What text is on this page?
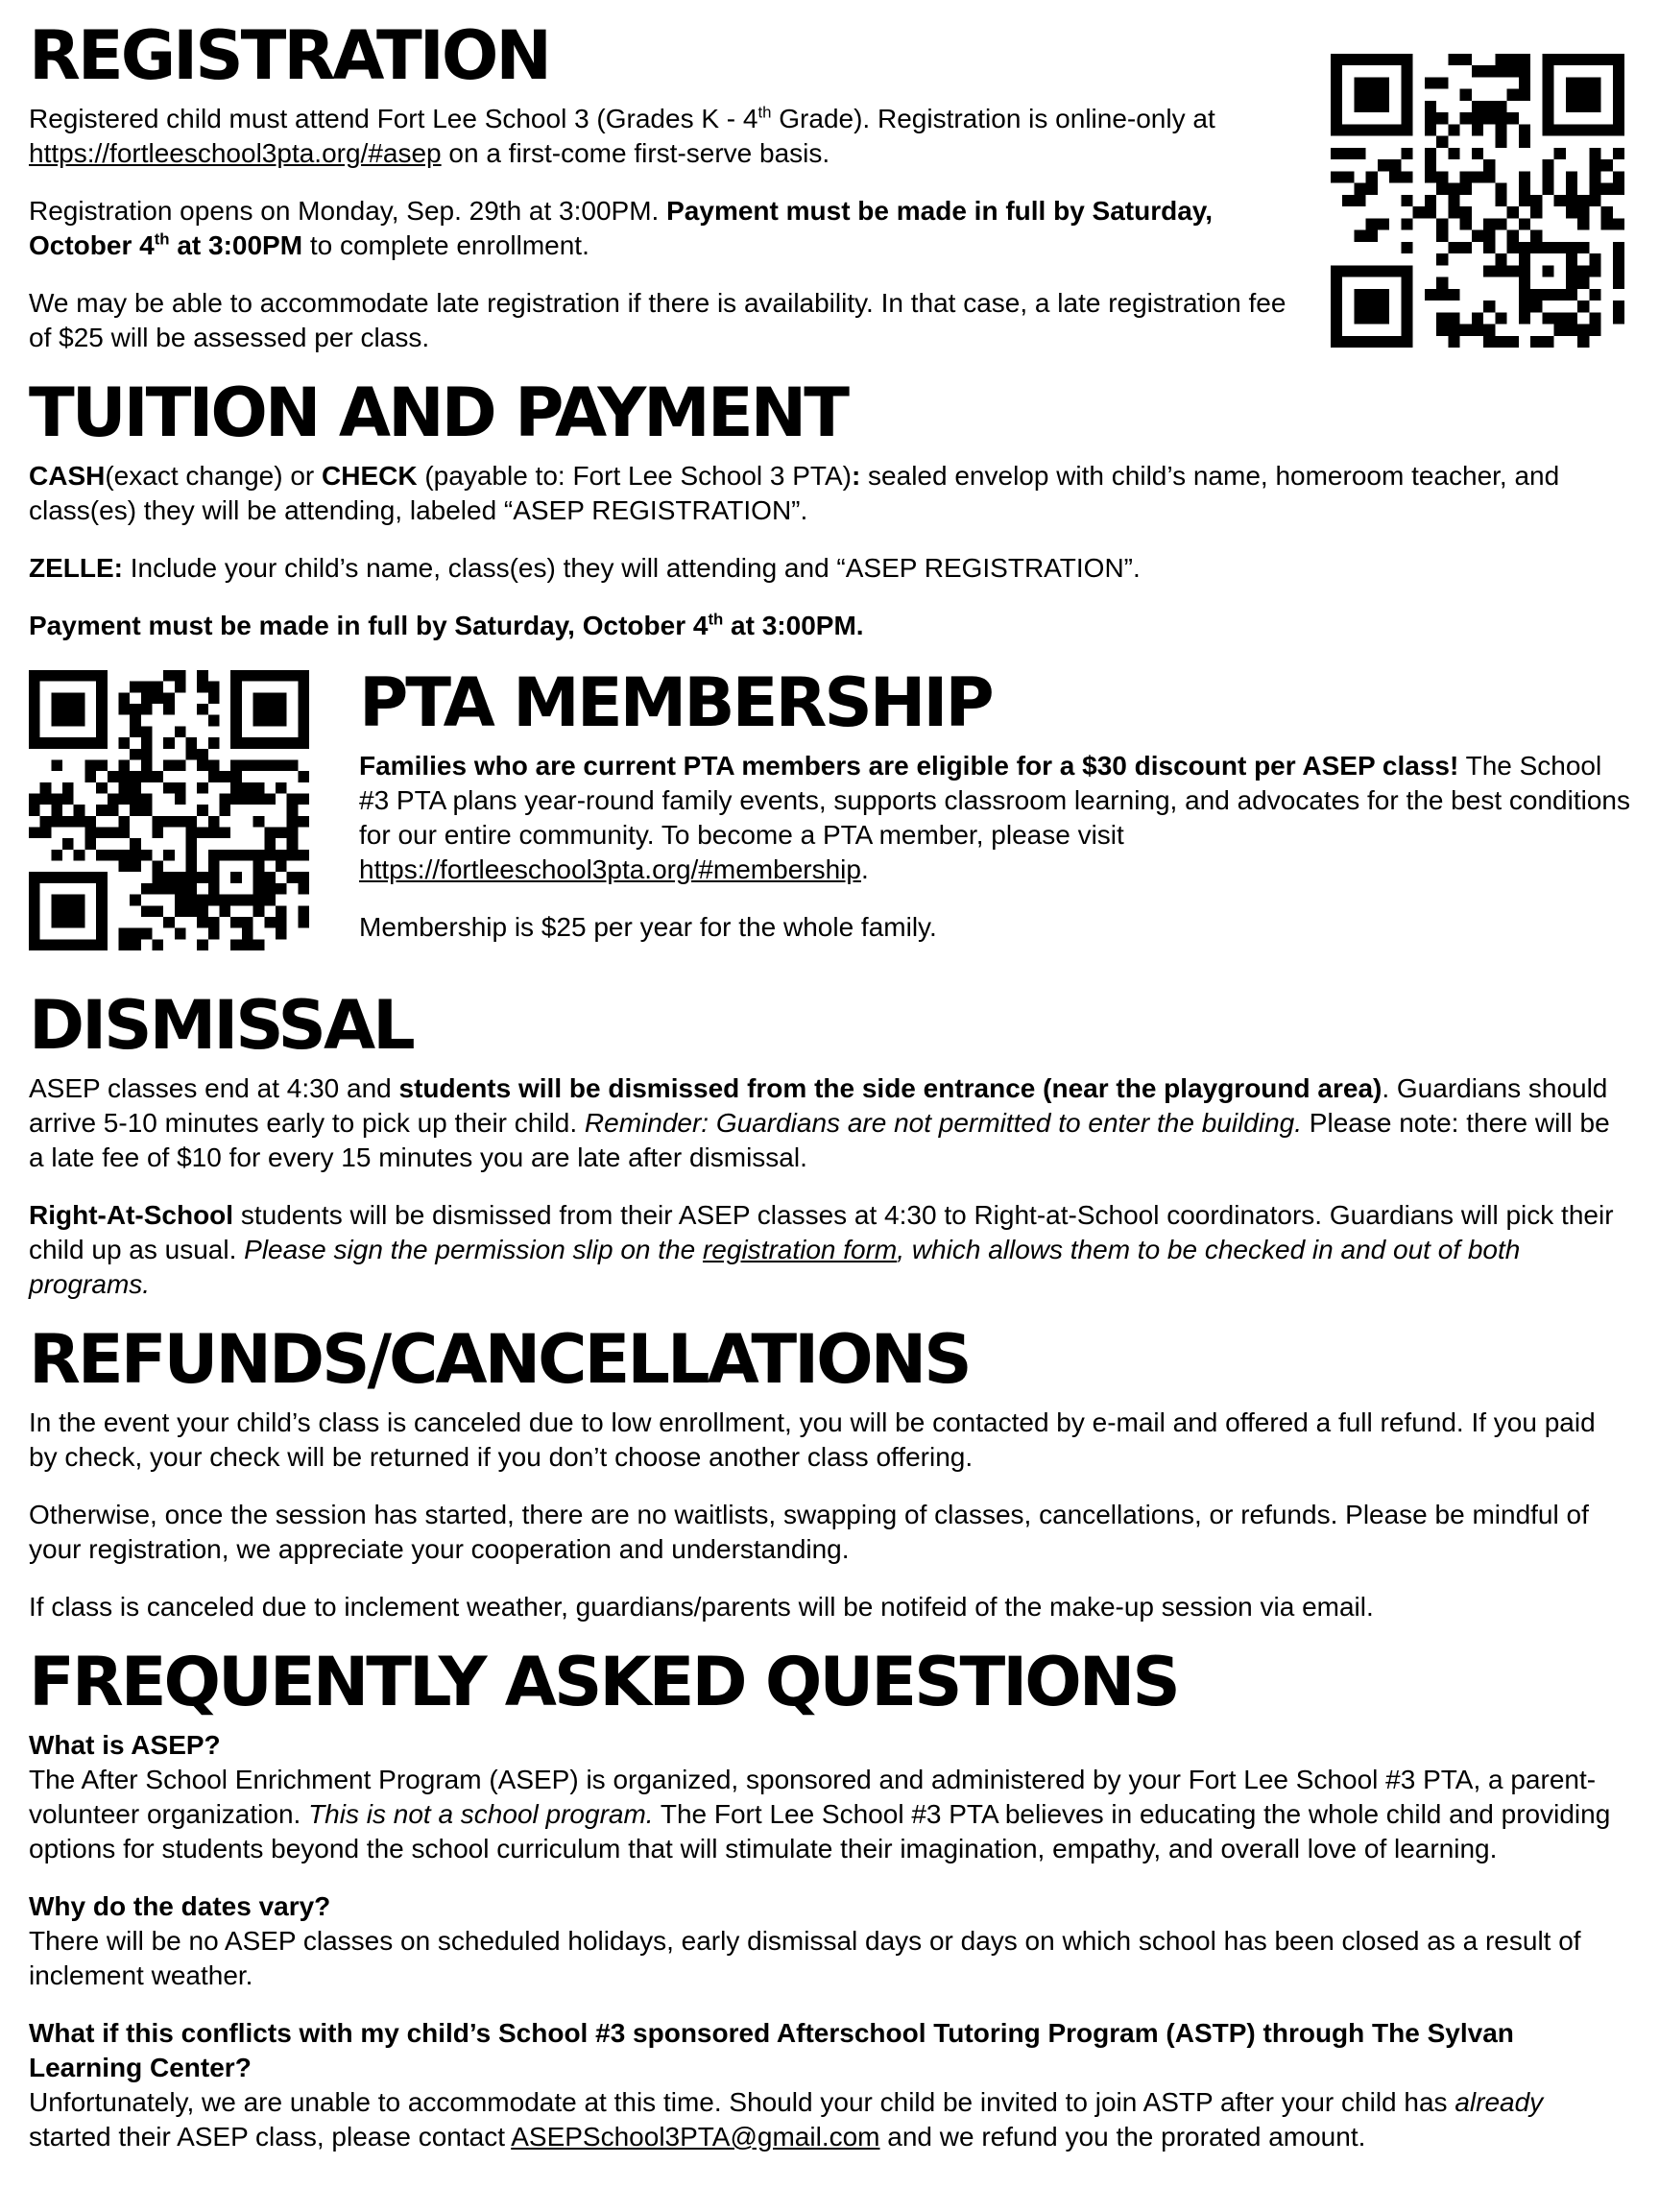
REGISTRATION

Registered child must attend Fort Lee School 3 (Grades K - 4th Grade). Registration is online-only at https://fortleeschool3pta.org/#asep on a first-come first-serve basis.

Registration opens on Monday, Sep. 29th at 3:00PM. Payment must be made in full by Saturday, October 4th at 3:00PM to complete enrollment.

We may be able to accommodate late registration if there is availability. In that case, a late registration fee of $25 will be assessed per class.

TUITION AND PAYMENT

CASH(exact change) or CHECK (payable to: Fort Lee School 3 PTA): sealed envelop with child’s name, homeroom teacher, and class(es) they will be attending, labeled “ASEP REGISTRATION”.

ZELLE: Include your child’s name, class(es) they will attending and “ASEP REGISTRATION”.

Payment must be made in full by Saturday, October 4th at 3:00PM.

PTA MEMBERSHIP

Families who are current PTA members are eligible for a $30 discount per ASEP class! The School #3 PTA plans year-round family events, supports classroom learning, and advocates for the best conditions for our entire community. To become a PTA member, please visit https://fortleeschool3pta.org/#membership.

Membership is $25 per year for the whole family.

DISMISSAL

ASEP classes end at 4:30 and students will be dismissed from the side entrance (near the playground area). Guardians should arrive 5-10 minutes early to pick up their child. Reminder: Guardians are not permitted to enter the building. Please note: there will be a late fee of $10 for every 15 minutes you are late after dismissal.

Right-At-School students will be dismissed from their ASEP classes at 4:30 to Right-at-School coordinators. Guardians will pick their child up as usual. Please sign the permission slip on the registration form, which allows them to be checked in and out of both programs.

REFUNDS/CANCELLATIONS

In the event your child’s class is canceled due to low enrollment, you will be contacted by e-mail and offered a full refund. If you paid by check, your check will be returned if you don’t choose another class offering.

Otherwise, once the session has started, there are no waitlists, swapping of classes, cancellations, or refunds. Please be mindful of your registration, we appreciate your cooperation and understanding.

If class is canceled due to inclement weather, guardians/parents will be notifeid of the make-up session via email.

FREQUENTLY ASKED QUESTIONS

What is ASEP?

The After School Enrichment Program (ASEP) is organized, sponsored and administered by your Fort Lee School #3 PTA, a parent-volunteer organization. This is not a school program. The Fort Lee School #3 PTA believes in educating the whole child and providing options for students beyond the school curriculum that will stimulate their imagination, empathy, and overall love of learning.

Why do the dates vary?

There will be no ASEP classes on scheduled holidays, early dismissal days or days on which school has been closed as a result of inclement weather.

What if this conflicts with my child’s School #3 sponsored Afterschool Tutoring Program (ASTP) through The Sylvan Learning Center?

Unfortunately, we are unable to accommodate at this time. Should your child be invited to join ASTP after your child has already started their ASEP class, please contact ASEPSchool3PTA@gmail.com and we refund you the prorated amount.
